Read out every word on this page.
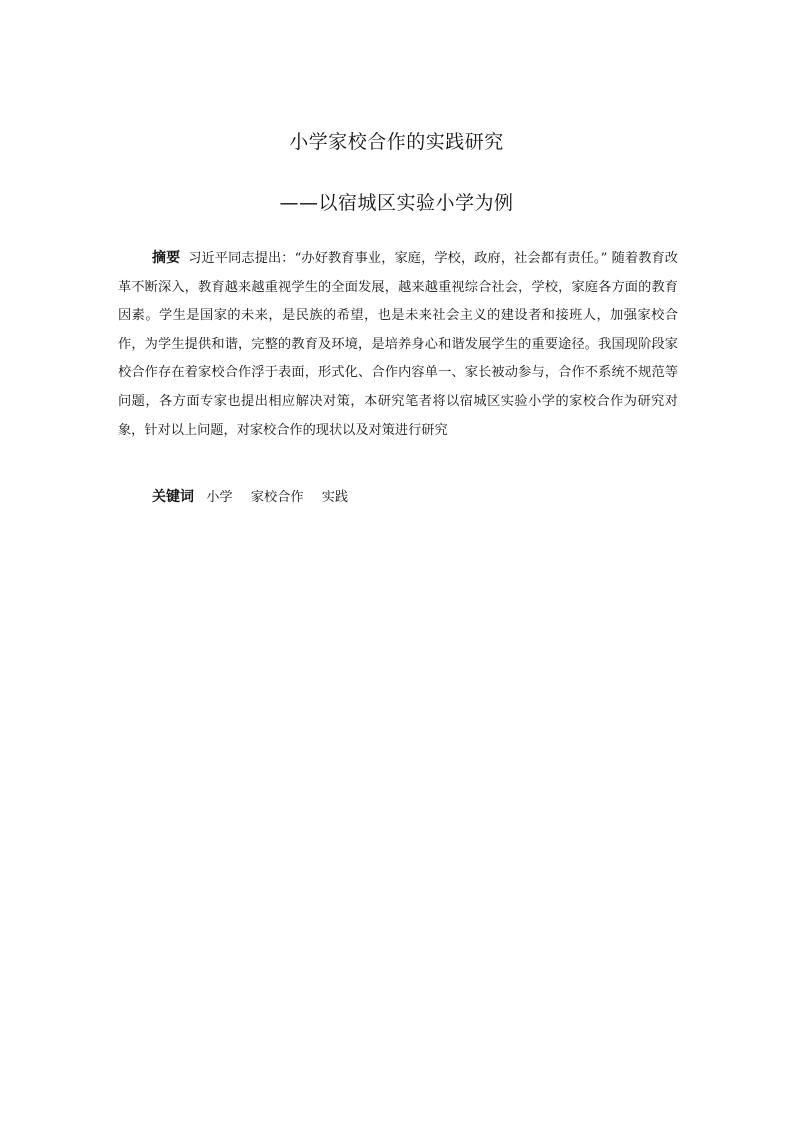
小学家校合作的实践研究
——以宿城区实验小学为例
摘要 习近平同志提出：“办好教育事业，家庭，学校，政府，社会都有责任。” 随着教育改革不断深入，教育越来越重视学生的全面发展，越来越重视综合社会，学校，家庭各方面的教育因素。学生是国家的未来，是民族的希望，也是未来社会主义的建设者和接班人，加强家校合作，为学生提供和谐，完整的教育及环境，是培养身心和谐发展学生的重要途径。我国现阶段家校合作存在着家校合作浮于表面，形式化、合作内容单一、家长被动参与，合作不系统不规范等问题，各方面专家也提出相应解决对策，本研究笔者将以宿城区实验小学的家校合作为研究对象，针对以上问题，对家校合作的现状以及对策进行研究
关键词 小学 家校合作 实践
